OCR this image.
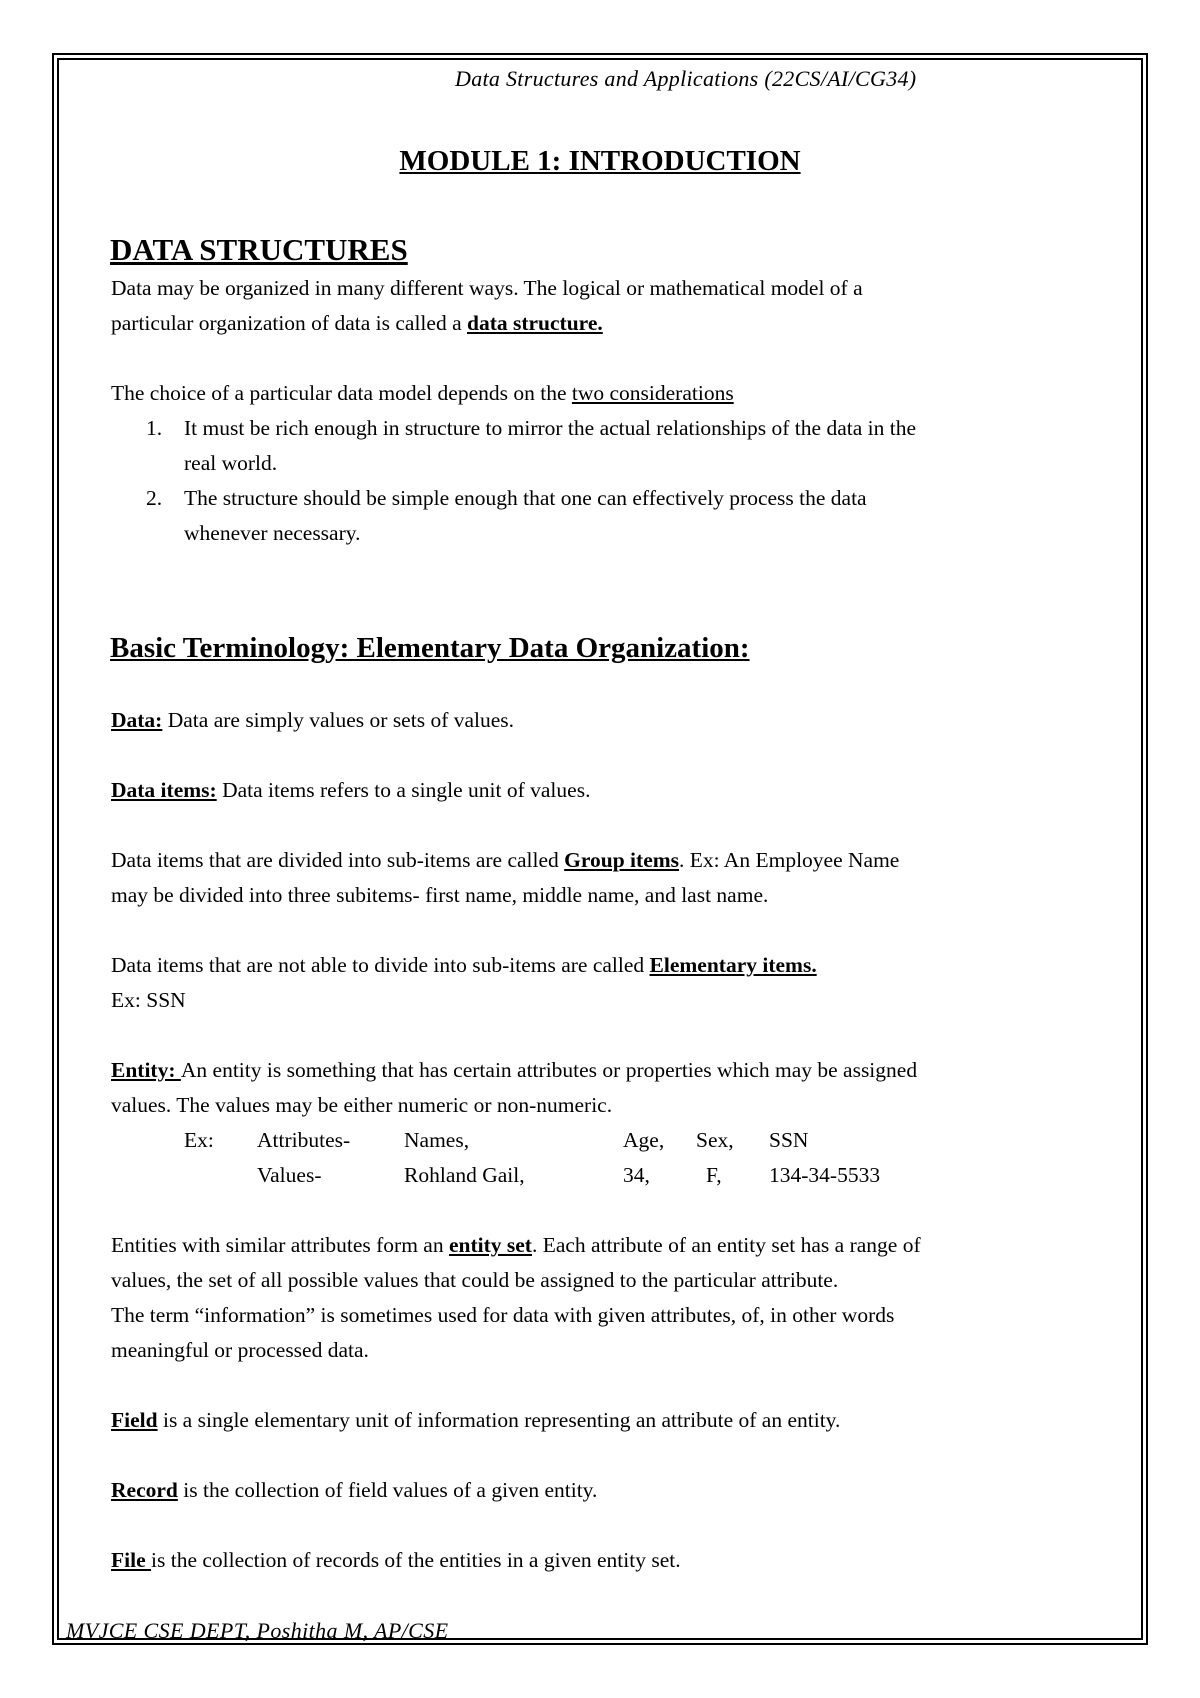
Data Structures and Applications (22CS/AI/CG34)
MODULE 1: INTRODUCTION
DATA STRUCTURES
Data may be organized in many different ways. The logical or mathematical model of a
particular organization of data is called a data structure.
The choice of a particular data model depends on the two considerations
1. It must be rich enough in structure to mirror the actual relationships of the data in the
real world.
2. The structure should be simple enough that one can effectively process the data
whenever necessary.
Basic Terminology: Elementary Data Organization:
Data: Data are simply values or sets of values.
Data items: Data items refers to a single unit of values.
Data items that are divided into sub-items are called Group items. Ex: An Employee Name
may be divided into three subitems- first name, middle name, and last name.
Data items that are not able to divide into sub-items are called Elementary items.
Ex: SSN
Entity: An entity is something that has certain attributes or properties which may be assigned
values. The values may be either numeric or non-numeric.
Ex: Attributes-	Names,	Age, Sex, SSN
Values-	Rohland Gail,	34,	F, 134-34-5533
Entities with similar attributes form an entity set. Each attribute of an entity set has a range of
values, the set of all possible values that could be assigned to the particular attribute.
The term “information” is sometimes used for data with given attributes, of, in other words
meaningful or processed data.
Field is a single elementary unit of information representing an attribute of an entity.
Record is the collection of field values of a given entity.
File is the collection of records of the entities in a given entity set.
MVJCE CSE DEPT, Poshitha M, AP/CSE
